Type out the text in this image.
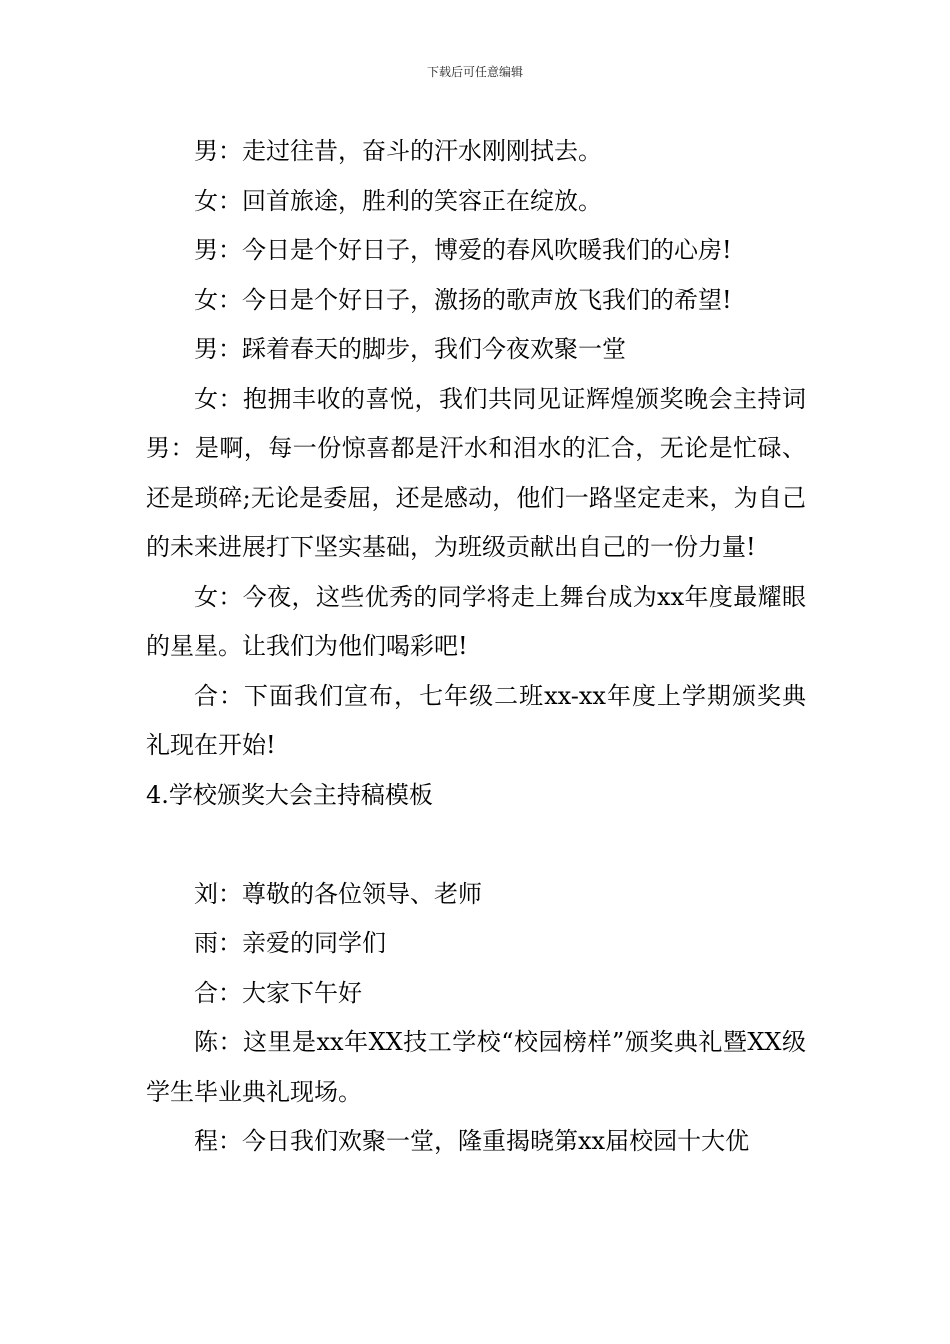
下载后可任意编辑

男：走过往昔，奋斗的汗水刚刚拭去。

女：回首旅途，胜利的笑容正在绽放。

男：今日是个好日子，博爱的春风吹暖我们的心房!

女：今日是个好日子，激扬的歌声放飞我们的希望!

男：踩着春天的脚步，我们今夜欢聚一堂

女：抱拥丰收的喜悦，我们共同见证辉煌颁奖晚会主持词男：是啊，每一份惊喜都是汗水和泪水的汇合，无论是忙碌、还是琐碎;无论是委屈，还是感动，他们一路坚定走来，为自己的未来进展打下坚实基础，为班级贡献出自己的一份力量!

女：今夜，这些优秀的同学将走上舞台成为xx年度最耀眼的星星。让我们为他们喝彩吧!

合：下面我们宣布，七年级二班xx-xx年度上学期颁奖典礼现在开始!

4.学校颁奖大会主持稿模板

刘：尊敬的各位领导、老师

雨：亲爱的同学们

合：大家下午好

陈：这里是xx年XX技工学校“校园榜样”颁奖典礼暨XX级学生毕业典礼现场。

程：今日我们欢聚一堂，隆重揭晓第xx届校园十大优
